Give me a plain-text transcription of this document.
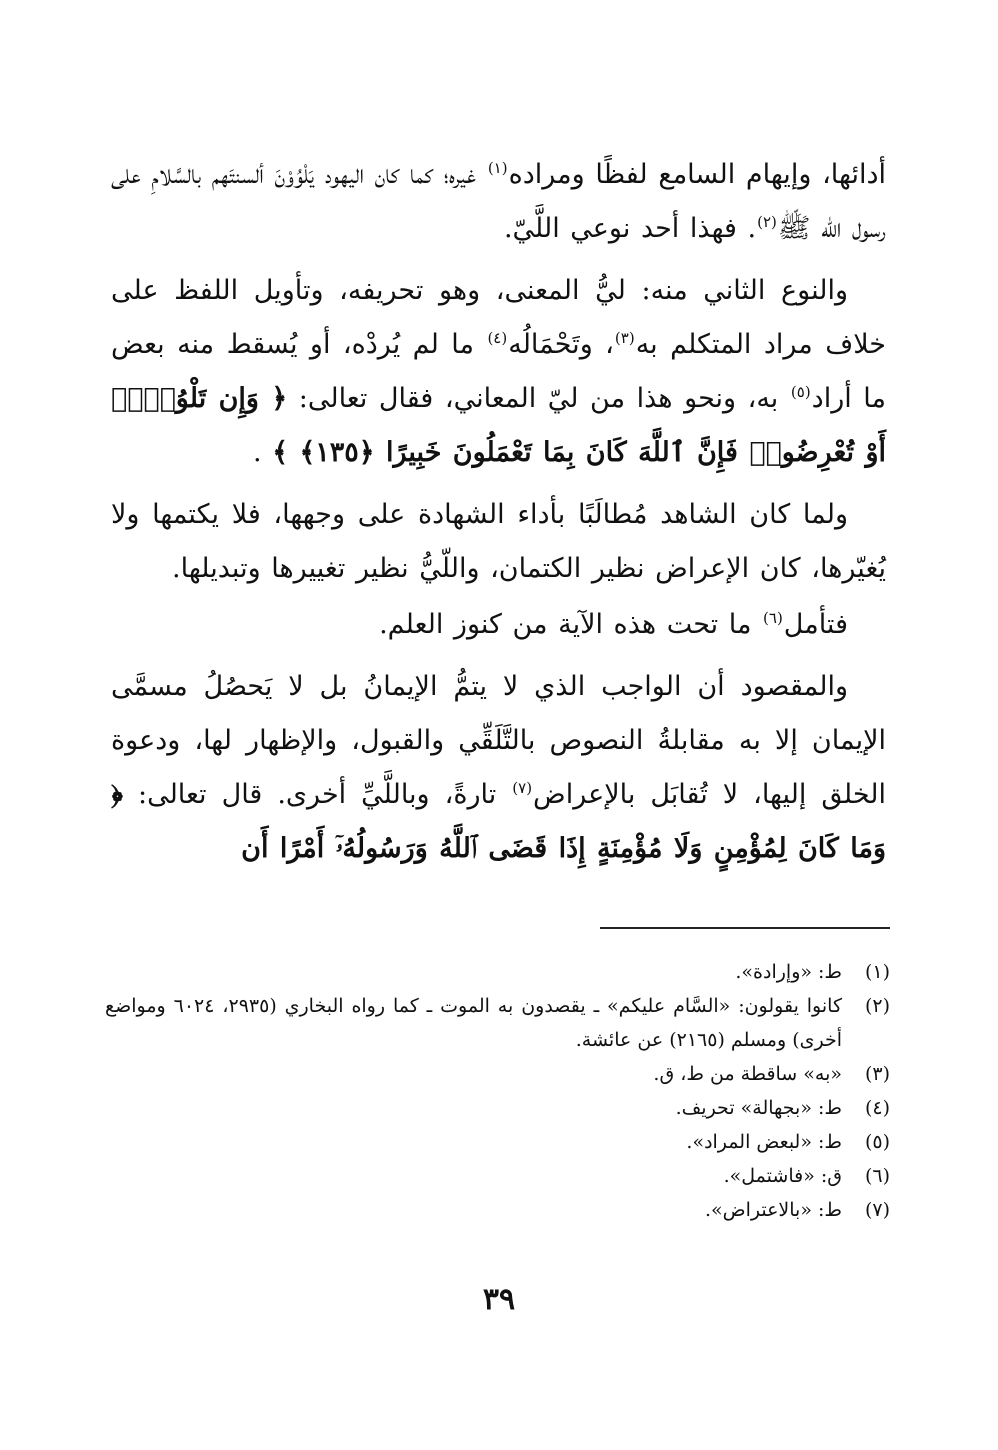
أدائها، وإيهام السامع لفظًا ومراده$^{(١)}$ غيره؛ كما كان اليهود يَلْوُوْنَ ألسنتَهم بالسَّلامِ على رسول الله ﷺ$^{(٢)}$. فهذا أحد نوعي اللَّيّ.

والنوع الثاني منه: ليُّ المعنى، وهو تحريفه، وتأويل اللفظ على خلاف مراد المتكلم به$^{(٣)}$، وتَحْمَالُه$^{(٤)}$ ما لم يُردْه، أو يُسقط منه بعض ما أراد$^{(٥)}$ به، ونحو هذا من ليّ المعاني، فقال تعالى: ﴿ وَإِن تَلْوُۥٓا۟ أَوْ تُعْرِضُوا۟ فَإِنَّ ٱللَّهَ كَانَ بِمَا تَعْمَلُونَ خَبِيرًا ﴿١٣٥﴾ ﴾ .

ولما كان الشاهد مُطالَبًا بأداء الشهادة على وجهها، فلا يكتمها ولا يُغيّرها، كان الإعراض نظير الكتمان، واللّيُّ نظير تغييرها وتبديلها.

فتأمل$^{(٦)}$ ما تحت هذه الآية من كنوز العلم.

والمقصود أن الواجب الذي لا يتمُّ الإيمانُ بل لا يَحصُلُ مسمَّى الإيمان إلا به مقابلةُ النصوص بالتَّلَقِّي والقبول، والإظهار لها، ودعوة الخلق إليها، لا تُقابَل بالإعراض$^{(٧)}$ تارةً، وباللَّيِّ أخرى. قال تعالى: ﴿ وَمَا كَانَ لِمُؤْمِنٍ وَلَا مُؤْمِنَةٍ إِذَا قَضَى ٱللَّهُ وَرَسُولُهُۥٓ أَمْرًا أَن

(١)
ط: «وإرادة».
(٢)
كانوا يقولون: «السَّام عليكم» ـ يقصدون به الموت ـ كما رواه البخاري (٢٩٣٥، ٦٠٢٤ ومواضع أخرى) ومسلم (٢١٦٥) عن عائشة.
(٣)
«به» ساقطة من ط، ق.
(٤)
ط: «بجهالة» تحريف.
(٥)
ط: «لبعض المراد».
(٦)
ق: «فاشتمل».
(٧)
ط: «بالاعتراض».
٣٩
